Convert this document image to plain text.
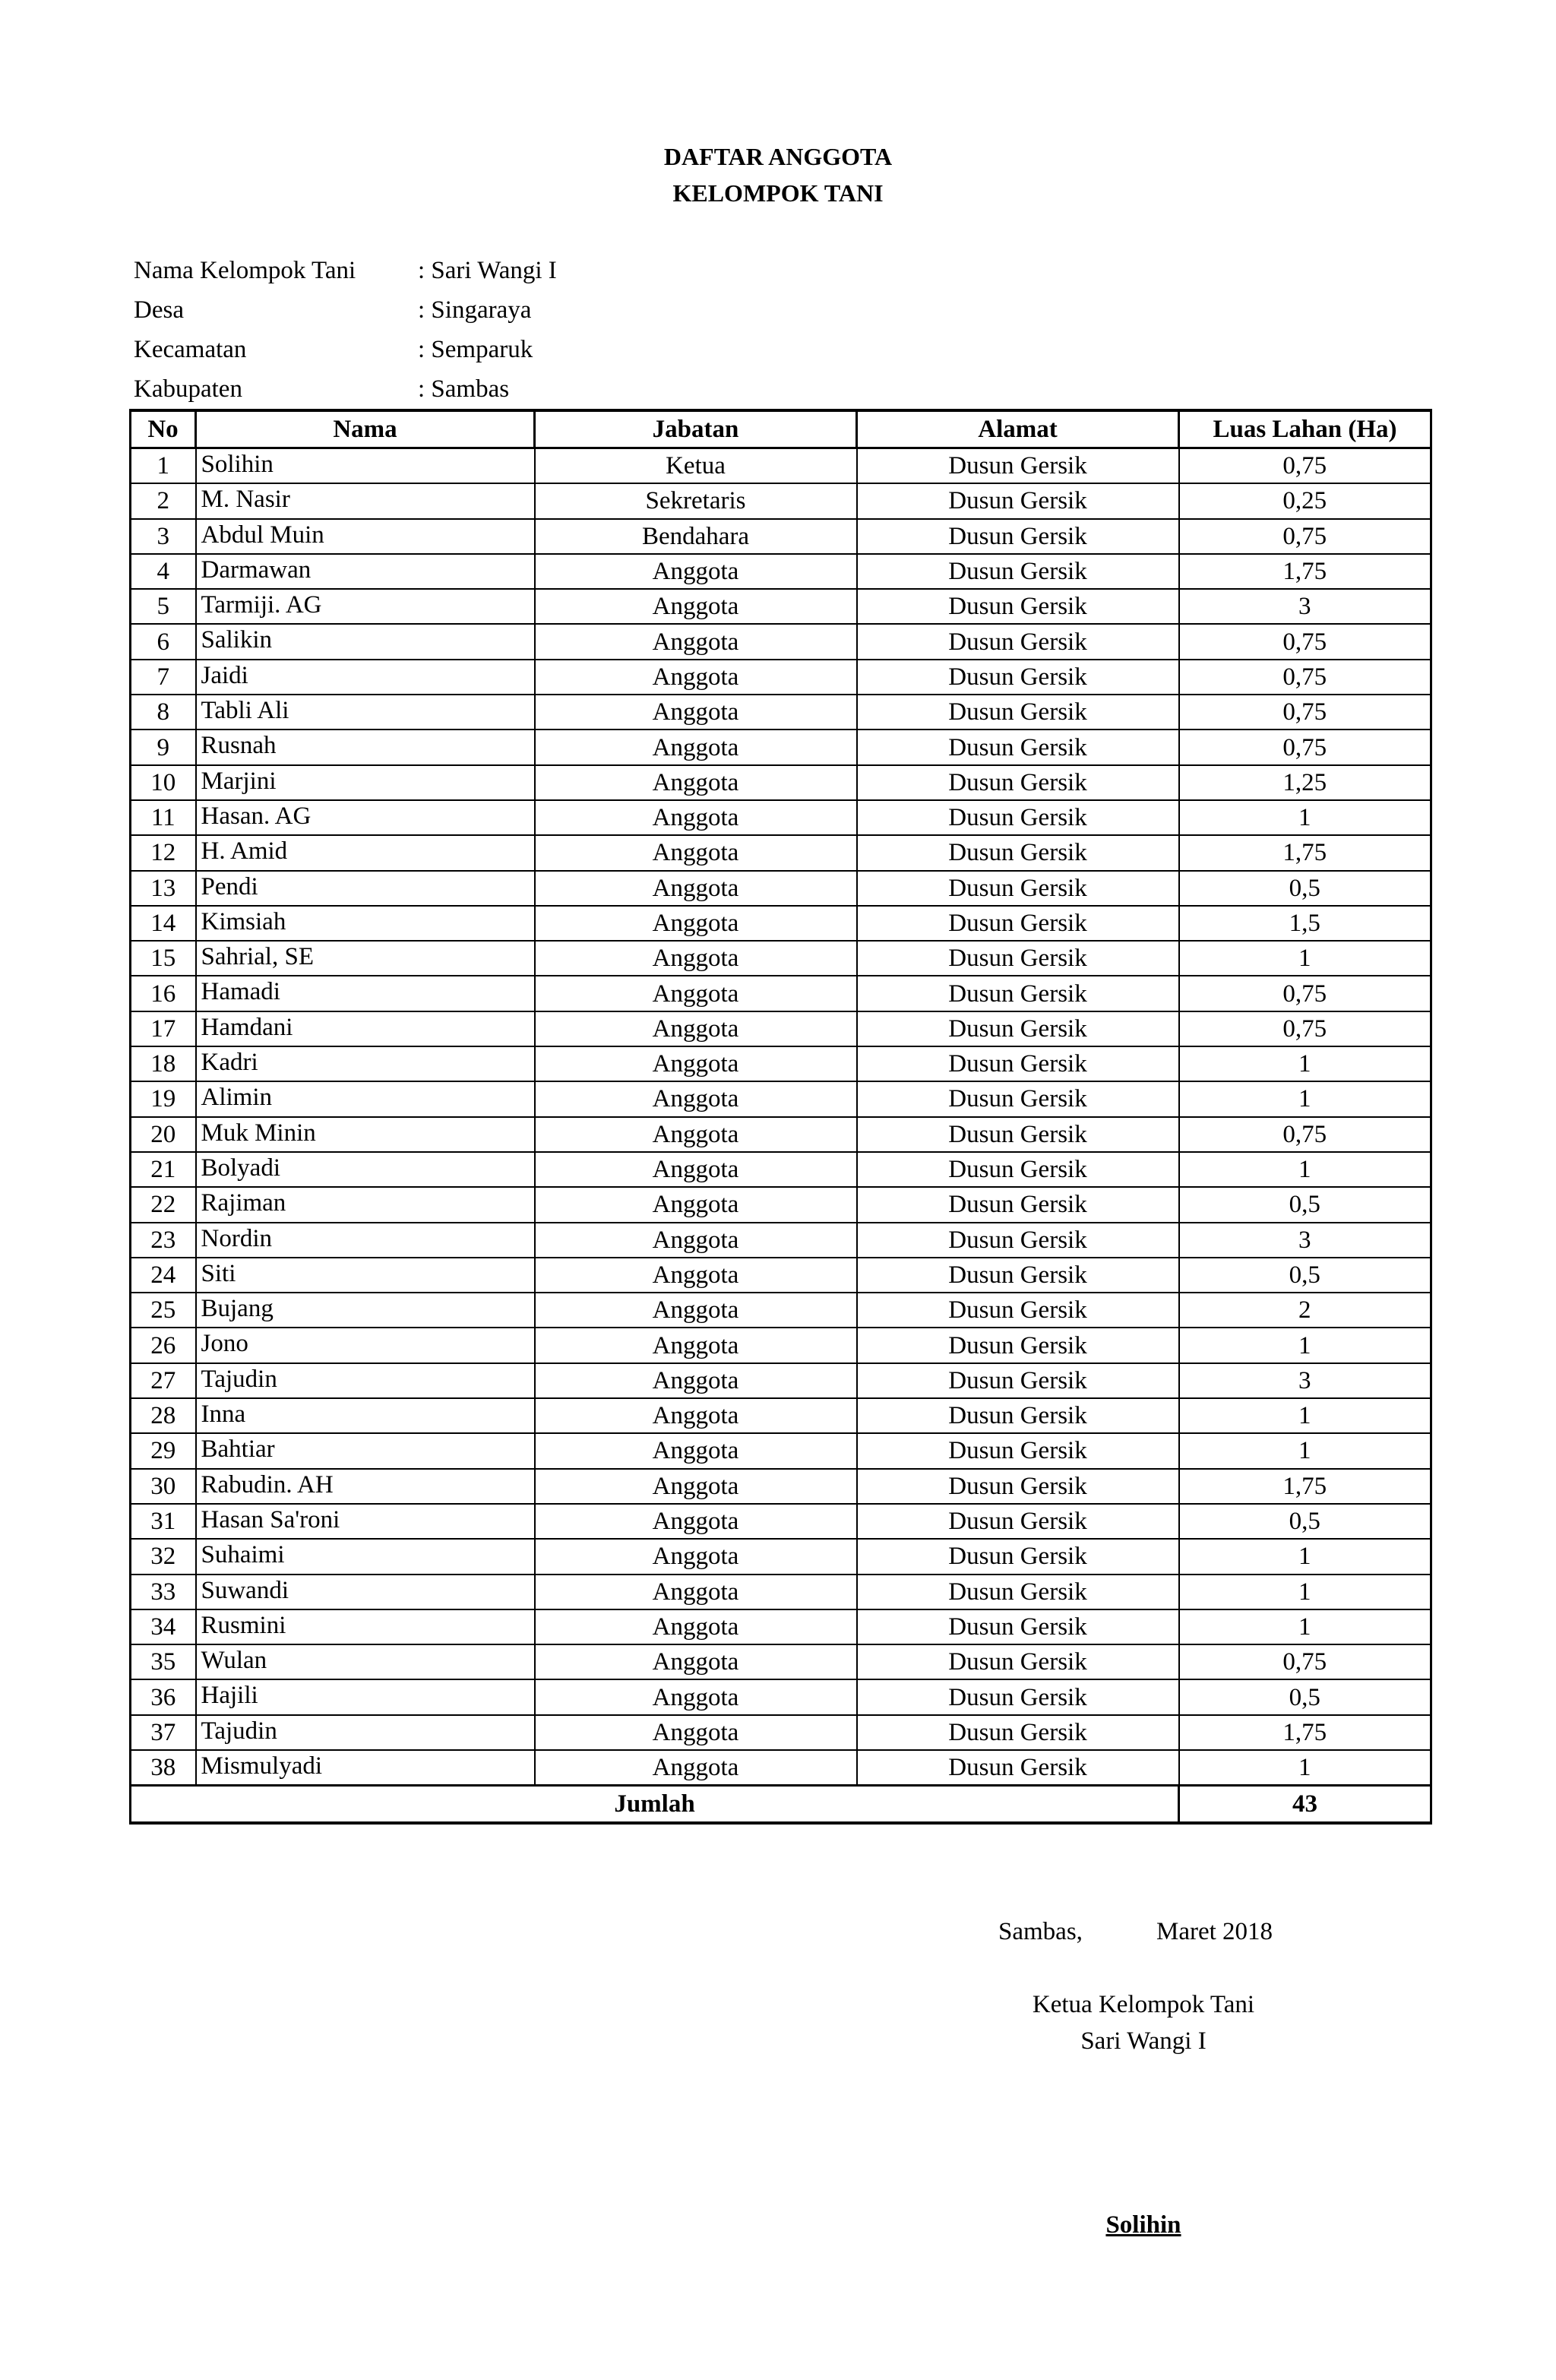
DAFTAR ANGGOTA
KELOMPOK TANI
Nama Kelompok Tani : Sari Wangi I
Desa	: Singaraya
Kecamatan	: Semparuk
Kabupaten	: Sambas
No	Nama	Jabatan	Alamat	Luas Lahan (Ha)
1	Solihin	Ketua	Dusun Gersik	0,75
2	M. Nasir	Sekretaris	Dusun Gersik	0,25
3	Abdul Muin	Bendahara	Dusun Gersik	0,75
4	Darmawan	Anggota	Dusun Gersik	1,75
5	Tarmiji. AG	Anggota	Dusun Gersik	3
6	Salikin	Anggota	Dusun Gersik	0,75
7	Jaidi	Anggota	Dusun Gersik	0,75
8	Tabli Ali	Anggota	Dusun Gersik	0,75
9	Rusnah	Anggota	Dusun Gersik	0,75
10	Marjini	Anggota	Dusun Gersik	1,25
11	Hasan. AG	Anggota	Dusun Gersik	1
12	H. Amid	Anggota	Dusun Gersik	1,75
13	Pendi	Anggota	Dusun Gersik	0,5
14	Kimsiah	Anggota	Dusun Gersik	1,5
15	Sahrial, SE	Anggota	Dusun Gersik	1
16	Hamadi	Anggota	Dusun Gersik	0,75
17	Hamdani	Anggota	Dusun Gersik	0,75
18	Kadri	Anggota	Dusun Gersik	1
19	Alimin	Anggota	Dusun Gersik	1
20	Muk Minin	Anggota	Dusun Gersik	0,75
21	Bolyadi	Anggota	Dusun Gersik	1
22	Rajiman	Anggota	Dusun Gersik	0,5
23	Nordin	Anggota	Dusun Gersik	3
24	Siti	Anggota	Dusun Gersik	0,5
25	Bujang	Anggota	Dusun Gersik	2
26	Jono	Anggota	Dusun Gersik	1
27	Tajudin	Anggota	Dusun Gersik	3
28	Inna	Anggota	Dusun Gersik	1
29	Bahtiar	Anggota	Dusun Gersik	1
30	Rabudin. AH	Anggota	Dusun Gersik	1,75
31	Hasan Sa'roni	Anggota	Dusun Gersik	0,5
32	Suhaimi	Anggota	Dusun Gersik	1
33	Suwandi	Anggota	Dusun Gersik	1
34	Rusmini	Anggota	Dusun Gersik	1
35	Wulan	Anggota	Dusun Gersik	0,75
36	Hajili	Anggota	Dusun Gersik	0,5
37	Tajudin	Anggota	Dusun Gersik	1,75
38	Mismulyadi	Anggota	Dusun Gersik	1
Jumlah				43
Sambas,	Maret 2018
Ketua Kelompok Tani
Sari Wangi I
Solihin
